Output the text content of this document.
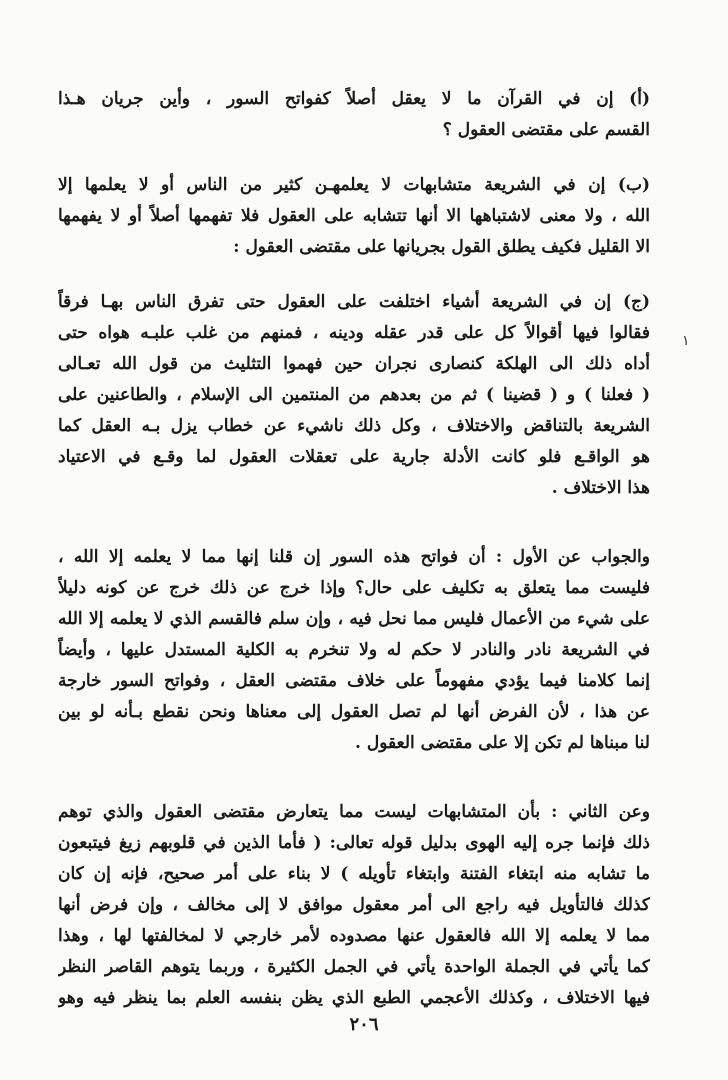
(أ) إن في القرآن ما لا يعقل أصلاً كفواتح السور ، وأين جريان هـذا
القسم على مقتضى العقول ؟

(ب) إن في الشريعة متشابهات لا يعلمهـن كثير من الناس أو لا يعلمها إلا
الله ، ولا معنى لاشتباهها الا أنها تتشابه على العقول فلا تفهمها أصلاً أو لا يفهمها
الا القليل فكيف يطلق القول بجريانها على مقتضى العقول :

(ج) إن في الشريعة أشياء اختلفت على العقول حتى تفرق الناس بهـا فرقاً
فقالوا فيها أقوالاً كل على قدر عقله ودينه ، فمنهم من غلب علبـه هواه حتى
أداه ذلك الى الهلكة كنصارى نجران حين فهموا التثليث من قول الله تعـالى
( فعلنا ) و ( قضينا ) ثم من بعدهم من المنتمين الى الإسلام ، والطاعنين على
الشريعة بالتناقض والاختلاف ، وكل ذلك ناشيء عن خطاب يزل بـه العقل كما
هو الواقـع فلو كانت الأدلة جارية على تعقلات العقول لما وقـع في الاعتياد
هذا الاختلاف .

والجواب عن الأول : أن فواتح هذه السور إن قلنا إنها مما لا يعلمه إلا الله ،
فليست مما يتعلق به تكليف على حال؟ وإذا خرج عن ذلك خرج عن كونه دليلاً
على شيء من الأعمال فليس مما نحل فيه ، وإن سلم فالقسم الذي لا يعلمه إلا الله
في الشريعة نادر والنادر لا حكم له ولا تنخرم به الكلية المستدل عليها ، وأيضاً
إنما كلامنا فيما يؤدي مفهوماً على خلاف مقتضى العقل ، وفواتح السور خارجة
عن هذا ، لأن الفرض أنها لم تصل العقول إلى معناها ونحن نقطع بـأنه لو بين
لنا مبناها لم تكن إلا على مقتضى العقول .

وعن الثاني : بأن المتشابهات ليست مما يتعارض مقتضى العقول والذي توهم
ذلك فإنما جره إليه الهوى بدليل قوله تعالى: ( فأما الذين في قلوبهم زيغ فيتبعون
ما تشابه منه ابتغاء الفتنة وابتغاء تأويله ) لا بناء على أمر صحيح، فإنه إن كان
كذلك فالتأويل فيه راجع الى أمر معقول موافق لا إلى مخالف ، وإن فرض أنها
مما لا يعلمه إلا الله فالعقول عنها مصدوده لأمر خارجي لا لمخالفتها لها ، وهذا
كما يأتي في الجملة الواحدة يأتي في الجمل الكثيرة ، وربما يتوهم القاصر النظر
فيها الاختلاف ، وكذلك الأعجمي الطبع الذي يظن بنفسه العلم بما ينظر فيه وهو

١
٢٠٦
